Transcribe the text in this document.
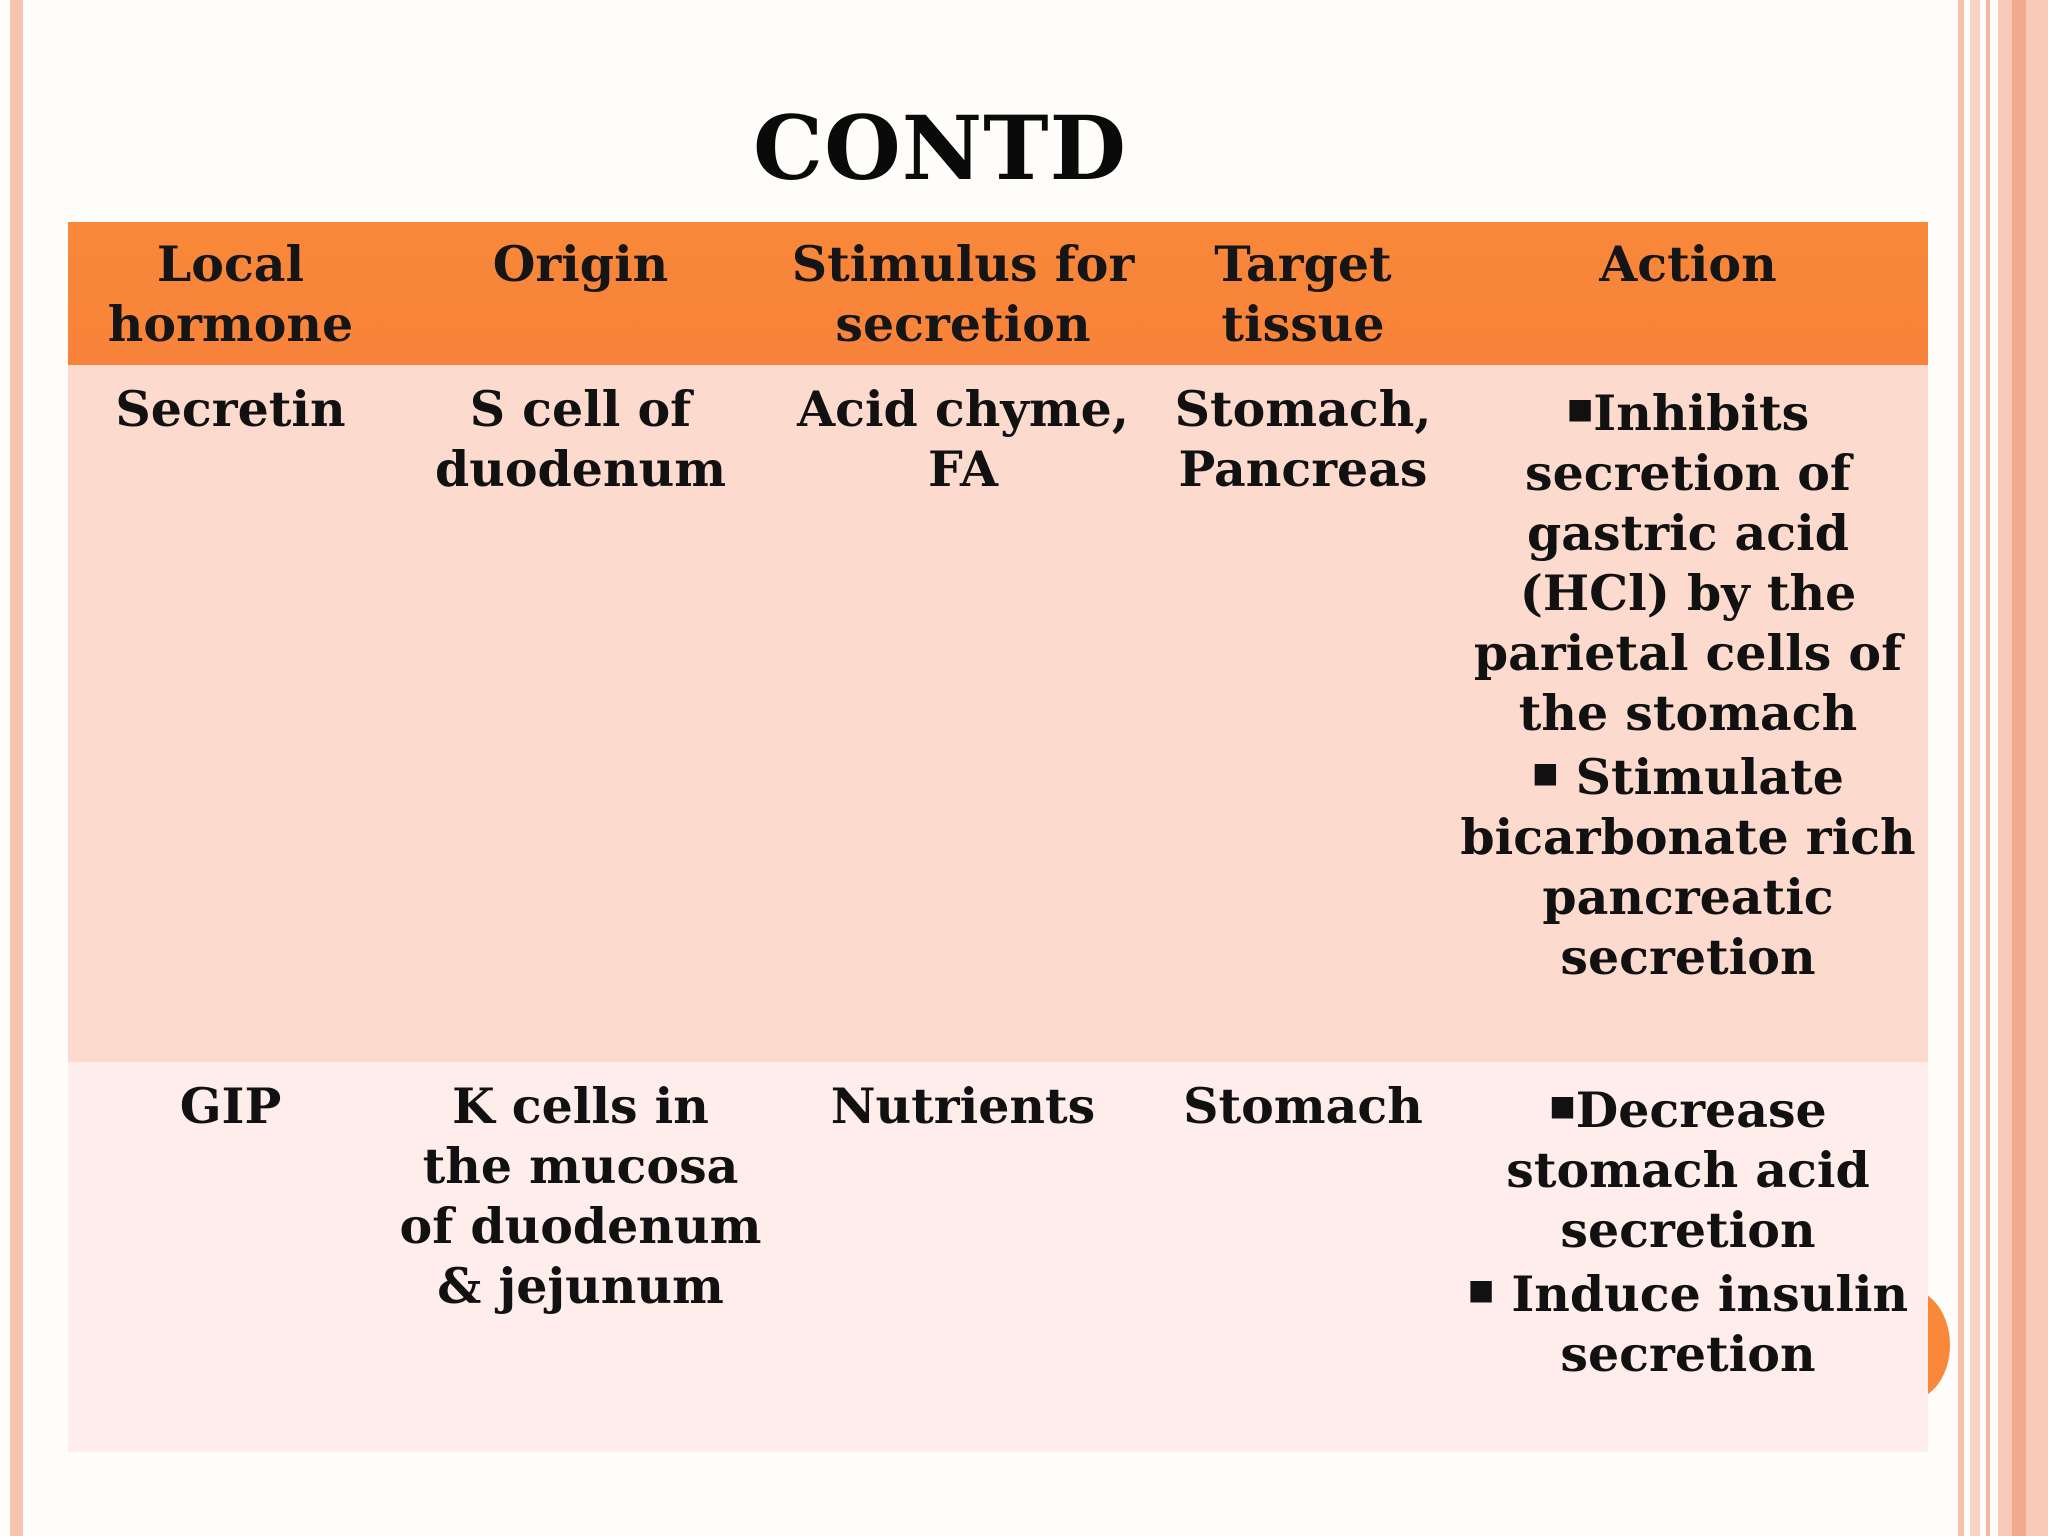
CONTD
Local hormone	Origin	Stimulus for secretion	Target tissue	Action
Secretin	S cell of duodenum	Acid chyme, FA	Stomach, Pancreas	■Inhibits secretion of gastric acid (HCl) by the parietal cells of the stomach
■ Stimulate bicarbonate rich pancreatic secretion

GIP	K cells in the mucosa of duodenum & jejunum	Nutrients	Stomach	■Decrease stomach acid secretion
■ Induce insulin secretion
